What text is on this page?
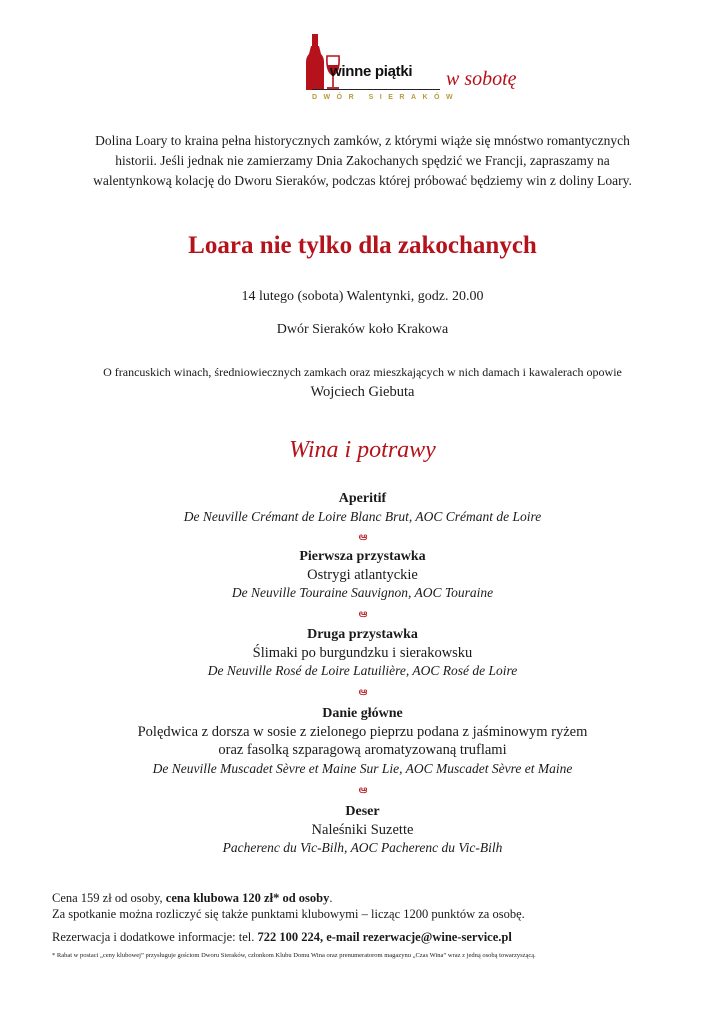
winne piątki
DWÓR SIERAKÓW
w sobotę
Dolina Loary to kraina pełna historycznych zamków, z którymi wiąże się mnóstwo romantycznych
historii. Jeśli jednak nie zamierzamy Dnia Zakochanych spędzić we Francji, zapraszamy na
walentynkową kolację do Dworu Sieraków, podczas której próbować będziemy win z doliny Loary.
Loara nie tylko dla zakochanych
14 lutego (sobota) Walentynki, godz. 20.00
Dwór Sieraków koło Krakowa
O francuskich winach, średniowiecznych zamkach oraz mieszkających w nich damach i kawalerach opowie
Wojciech Giebuta
Wina i potrawy
Aperitif
De Neuville Crémant de Loire Blanc Brut, AOC Crémant de Loire
ఆ
Pierwsza przystawka
Ostrygi atlantyckie
De Neuville Touraine Sauvignon, AOC Touraine
ఆ
Druga przystawka
Ślimaki po burgundzku i sierakowsku
De Neuville Rosé de Loire Latuilière, AOC Rosé de Loire
ఆ
Danie główne
Polędwica z dorsza w sosie z zielonego pieprzu podana z jaśminowym ryżem
oraz fasolką szparagową aromatyzowaną truflami
De Neuville Muscadet Sèvre et Maine Sur Lie, AOC Muscadet Sèvre et Maine
ఆ
Deser
Naleśniki Suzette
Pacherenc du Vic-Bilh, AOC Pacherenc du Vic-Bilh
Cena 159 zł od osoby, cena klubowa 120 zł* od osoby.
Za spotkanie można rozliczyć się także punktami klubowymi – licząc 1200 punktów za osobę.
Rezerwacja i dodatkowe informacje: tel. 722 100 224, e-mail rezerwacje@wine-service.pl
* Rabat w postaci „ceny klubowej” przysługuje gościom Dworu Sieraków, członkom Klubu Domu Wina oraz prenumeratorom magazynu „Czas Wina” wraz z jedną osobą towarzyszącą.
